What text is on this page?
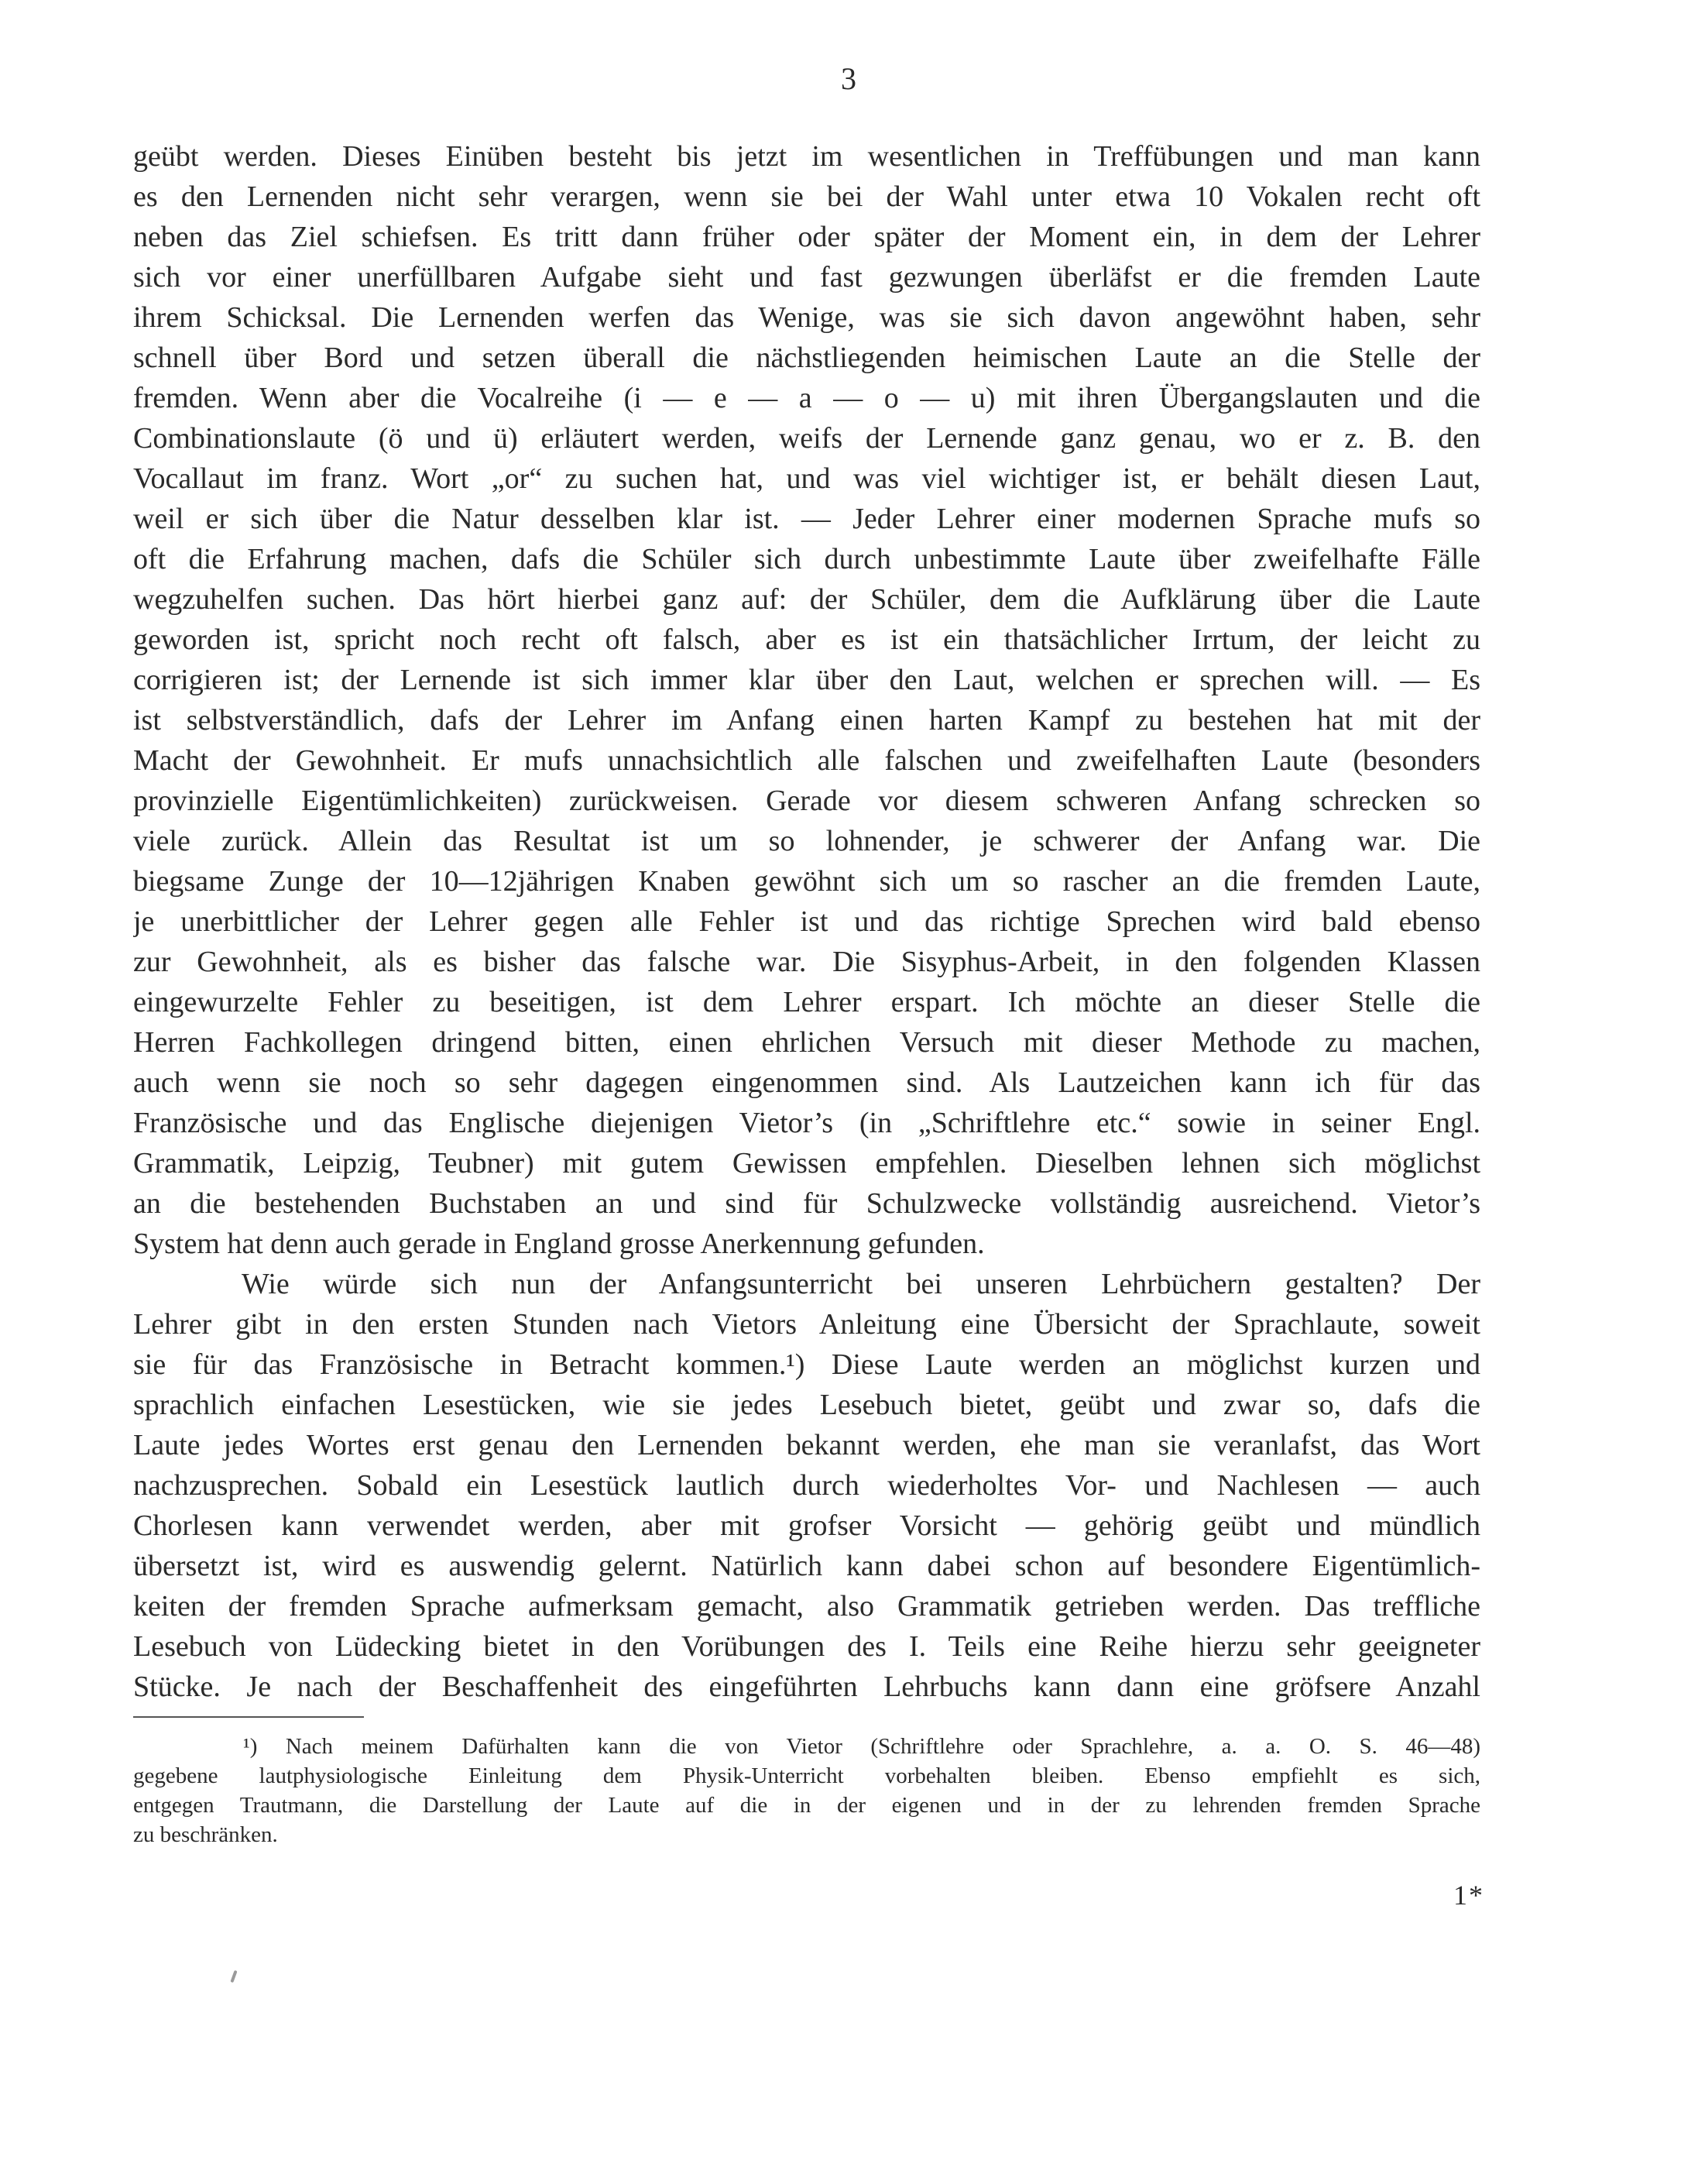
3
geübt werden. Dieses Einüben besteht bis jetzt im wesentlichen in Treffübungen und man kann
es den Lernenden nicht sehr verargen, wenn sie bei der Wahl unter etwa 10 Vokalen recht oft
neben das Ziel schiefsen. Es tritt dann früher oder später der Moment ein, in dem der Lehrer
sich vor einer unerfüllbaren Aufgabe sieht und fast gezwungen überläfst er die fremden Laute
ihrem Schicksal. Die Lernenden werfen das Wenige, was sie sich davon angewöhnt haben, sehr
schnell über Bord und setzen überall die nächstliegenden heimischen Laute an die Stelle der
fremden. Wenn aber die Vocalreihe (i — e — a — o — u) mit ihren Übergangslauten und die
Combinationslaute (ö und ü) erläutert werden, weifs der Lernende ganz genau, wo er z. B. den
Vocallaut im franz. Wort „or“ zu suchen hat, und was viel wichtiger ist, er behält diesen Laut,
weil er sich über die Natur desselben klar ist. — Jeder Lehrer einer modernen Sprache mufs so
oft die Erfahrung machen, dafs die Schüler sich durch unbestimmte Laute über zweifelhafte Fälle
wegzuhelfen suchen. Das hört hierbei ganz auf: der Schüler, dem die Aufklärung über die Laute
geworden ist, spricht noch recht oft falsch, aber es ist ein thatsächlicher Irrtum, der leicht zu
corrigieren ist; der Lernende ist sich immer klar über den Laut, welchen er sprechen will. — Es
ist selbstverständlich, dafs der Lehrer im Anfang einen harten Kampf zu bestehen hat mit der
Macht der Gewohnheit. Er mufs unnachsichtlich alle falschen und zweifelhaften Laute (besonders
provinzielle Eigentümlichkeiten) zurückweisen. Gerade vor diesem schweren Anfang schrecken so
viele zurück. Allein das Resultat ist um so lohnender, je schwerer der Anfang war. Die
biegsame Zunge der 10—12jährigen Knaben gewöhnt sich um so rascher an die fremden Laute,
je unerbittlicher der Lehrer gegen alle Fehler ist und das richtige Sprechen wird bald ebenso
zur Gewohnheit, als es bisher das falsche war. Die Sisyphus-Arbeit, in den folgenden Klassen
eingewurzelte Fehler zu beseitigen, ist dem Lehrer erspart. Ich möchte an dieser Stelle die
Herren Fachkollegen dringend bitten, einen ehrlichen Versuch mit dieser Methode zu machen,
auch wenn sie noch so sehr dagegen eingenommen sind. Als Lautzeichen kann ich für das
Französische und das Englische diejenigen Vietor’s (in „Schriftlehre etc.“ sowie in seiner Engl.
Grammatik, Leipzig, Teubner) mit gutem Gewissen empfehlen. Dieselben lehnen sich möglichst
an die bestehenden Buchstaben an und sind für Schulzwecke vollständig ausreichend. Vietor’s
System hat denn auch gerade in England grosse Anerkennung gefunden.
Wie würde sich nun der Anfangsunterricht bei unseren Lehrbüchern gestalten? Der
Lehrer gibt in den ersten Stunden nach Vietors Anleitung eine Übersicht der Sprachlaute, soweit
sie für das Französische in Betracht kommen.¹) Diese Laute werden an möglichst kurzen und
sprachlich einfachen Lesestücken, wie sie jedes Lesebuch bietet, geübt und zwar so, dafs die
Laute jedes Wortes erst genau den Lernenden bekannt werden, ehe man sie veranlafst, das Wort
nachzusprechen. Sobald ein Lesestück lautlich durch wiederholtes Vor- und Nachlesen — auch
Chorlesen kann verwendet werden, aber mit grofser Vorsicht — gehörig geübt und mündlich
übersetzt ist, wird es auswendig gelernt. Natürlich kann dabei schon auf besondere Eigentümlich-
keiten der fremden Sprache aufmerksam gemacht, also Grammatik getrieben werden. Das treffliche
Lesebuch von Lüdecking bietet in den Vorübungen des I. Teils eine Reihe hierzu sehr geeigneter
Stücke. Je nach der Beschaffenheit des eingeführten Lehrbuchs kann dann eine gröfsere Anzahl
¹) Nach meinem Dafürhalten kann die von Vietor (Schriftlehre oder Sprachlehre, a. a. O. S. 46—48)
gegebene lautphysiologische Einleitung dem Physik-Unterricht vorbehalten bleiben. Ebenso empfiehlt es sich,
entgegen Trautmann, die Darstellung der Laute auf die in der eigenen und in der zu lehrenden fremden Sprache
zu beschränken.
1*
